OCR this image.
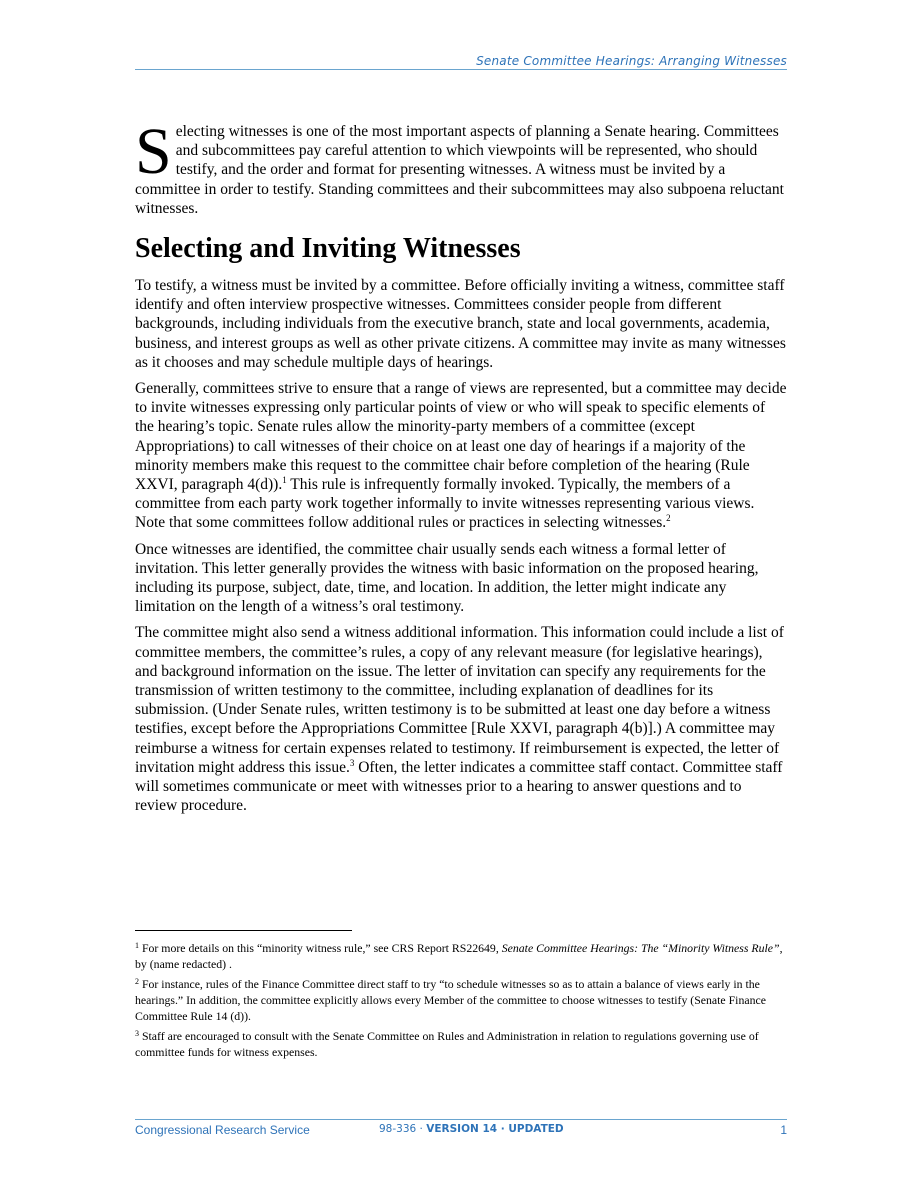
Senate Committee Hearings: Arranging Witnesses

Selecting witnesses is one of the most important aspects of planning a Senate hearing. Committees and subcommittees pay careful attention to which viewpoints will be represented, who should testify, and the order and format for presenting witnesses. A witness must be invited by a committee in order to testify. Standing committees and their subcommittees may also subpoena reluctant witnesses.

Selecting and Inviting Witnesses

To testify, a witness must be invited by a committee. Before officially inviting a witness, committee staff identify and often interview prospective witnesses. Committees consider people from different backgrounds, including individuals from the executive branch, state and local governments, academia, business, and interest groups as well as other private citizens. A committee may invite as many witnesses as it chooses and may schedule multiple days of hearings.

Generally, committees strive to ensure that a range of views are represented, but a committee may decide to invite witnesses expressing only particular points of view or who will speak to specific elements of the hearing’s topic. Senate rules allow the minority-party members of a committee (except Appropriations) to call witnesses of their choice on at least one day of hearings if a majority of the minority members make this request to the committee chair before completion of the hearing (Rule XXVI, paragraph 4(d)).$^1$ This rule is infrequently formally invoked. Typically, the members of a committee from each party work together informally to invite witnesses representing various views. Note that some committees follow additional rules or practices in selecting witnesses.$^2$

Once witnesses are identified, the committee chair usually sends each witness a formal letter of invitation. This letter generally provides the witness with basic information on the proposed hearing, including its purpose, subject, date, time, and location. In addition, the letter might indicate any limitation on the length of a witness’s oral testimony.

The committee might also send a witness additional information. This information could include a list of committee members, the committee’s rules, a copy of any relevant measure (for legislative hearings), and background information on the issue. The letter of invitation can specify any requirements for the transmission of written testimony to the committee, including explanation of deadlines for its submission. (Under Senate rules, written testimony is to be submitted at least one day before a witness testifies, except before the Appropriations Committee [Rule XXVI, paragraph 4(b)].) A committee may reimburse a witness for certain expenses related to testimony. If reimbursement is expected, the letter of invitation might address this issue.$^3$ Often, the letter indicates a committee staff contact. Committee staff will sometimes communicate or meet with witnesses prior to a hearing to answer questions and to review procedure.

$^1$ For more details on this “minority witness rule,” see CRS Report RS22649, Senate Committee Hearings: The “Minority Witness Rule”, by (name redacted) .

$^2$ For instance, rules of the Finance Committee direct staff to try “to schedule witnesses so as to attain a balance of views early in the hearings.” In addition, the committee explicitly allows every Member of the committee to choose witnesses to testify (Senate Finance Committee Rule 14 (d)).

$^3$ Staff are encouraged to consult with the Senate Committee on Rules and Administration in relation to regulations governing use of committee funds for witness expenses.

Congressional Research Service	98-336 · VERSION 14 · UPDATED	1
